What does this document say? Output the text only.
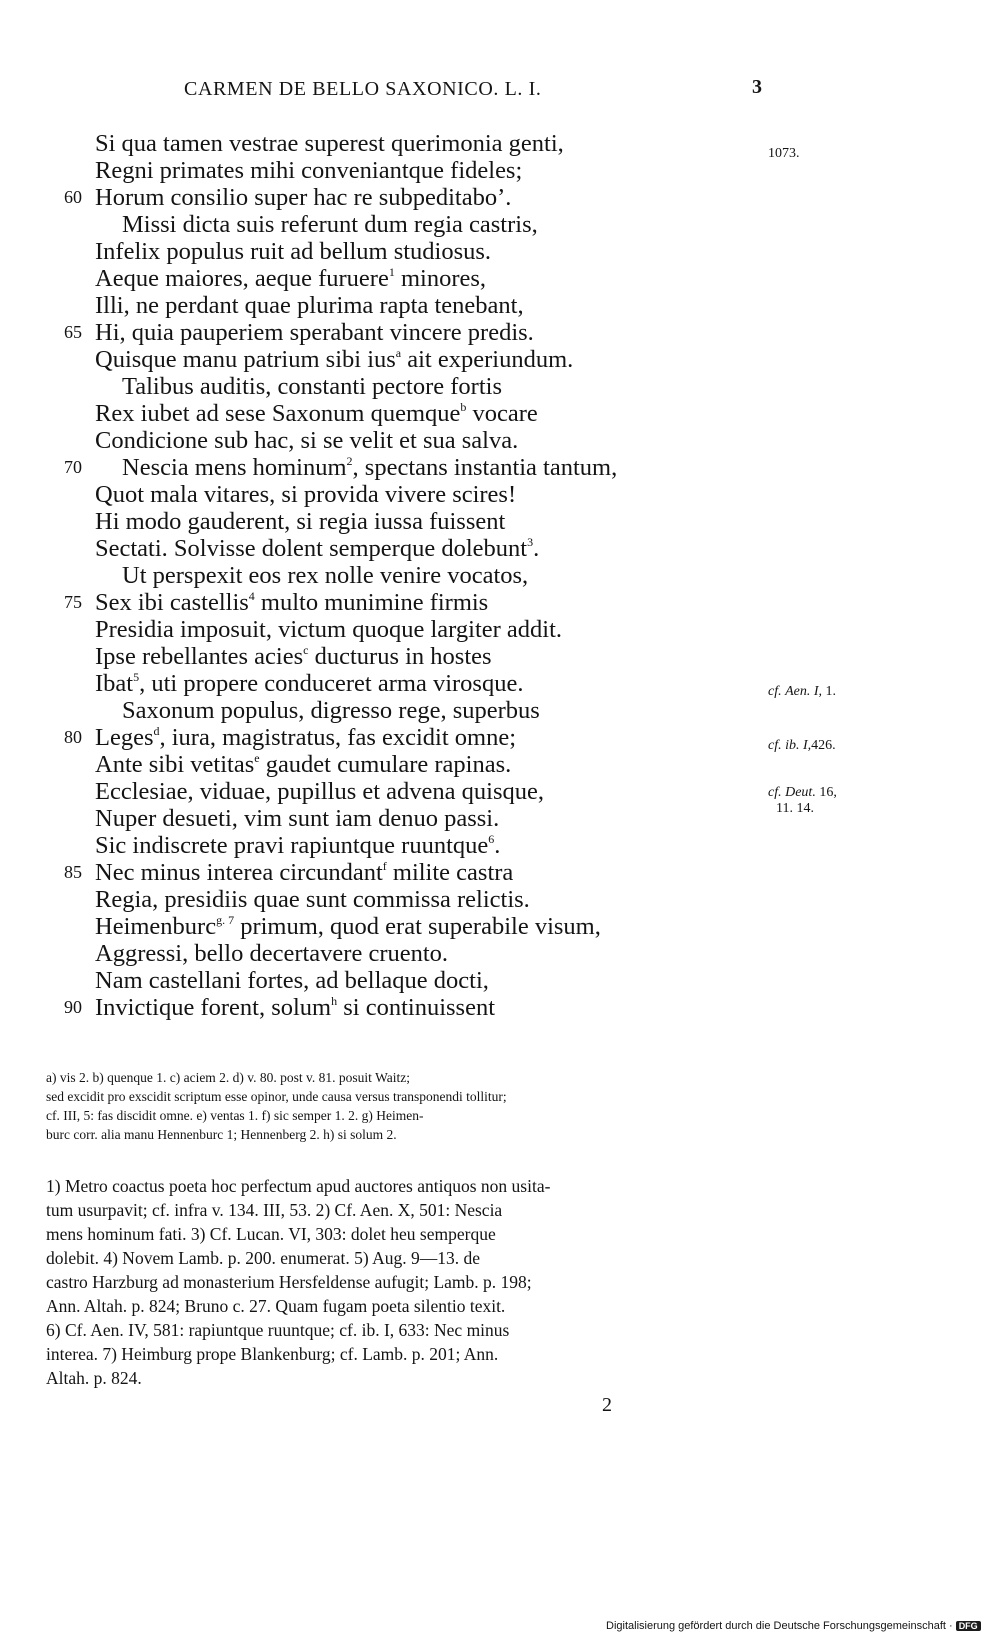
CARMEN DE BELLO SAXONICO. L. I.	3
Si qua tamen vestrae superest querimonia genti,
Regni primates mihi conveniantque fideles;
60 Horum consilio super hac re subpeditabo’.
Missi dicta suis referunt dum regia castris,
Infelix populus ruit ad bellum studiosus.
Aeque maiores, aeque furuere$^1$ minores,
Illi, ne perdant quae plurima rapta tenebant,
65 Hi, quia pauperiem sperabant vincere predis.
Quisque manu patrium sibi ius$^a$ ait experiundum.
Talibus auditis, constanti pectore fortis
Rex iubet ad sese Saxonum quemque$^b$ vocare
Condicione sub hac, si se velit et sua salva.
70 Nescia mens hominum$^2$, spectans instantia tantum,
Quot mala vitares, si provida vivere scires!
Hi modo gauderent, si regia iussa fuissent
Sectati. Solvisse dolent semperque dolebunt$^3$.
Ut perspexit eos rex nolle venire vocatos,
75 Sex ibi castellis$^4$ multo munimine firmis
Presidia imposuit, victum quoque largiter addit.
Ipse rebellantes acies$^c$ ducturus in hostes
Ibat$^5$, uti propere conduceret arma virosque.
Saxonum populus, digresso rege, superbus
80 Leges$^d$, iura, magistratus, fas excidit omne;
Ante sibi vetitas$^e$ gaudet cumulare rapinas.
Ecclesiae, viduae, pupillus et advena quisque,
Nuper desueti, vim sunt iam denuo passi.
Sic indiscrete pravi rapiuntque ruuntque$^6$.
85 Nec minus interea circundant$^f$ milite castra
Regia, presidiis quae sunt commissa relictis.
Heimenburc$^{g. 7}$ primum, quod erat superabile visum,
Aggressi, bello decertavere cruento.
Nam castellani fortes, ad bellaque docti,
90 Invictique forent, solum$^h$ si continuissent
1073.
cf. Aen. I, 1.
cf. ib. I,426.
cf. Deut. 16,
11. 14.
a) vis 2. b) quenque 1. c) aciem 2. d) v. 80. post v. 81. posuit Waitz;
sed excidit pro exscidit scriptum esse opinor, unde causa versus transponendi tollitur;
cf. III, 5: fas discidit omne. e) ventas 1. f) sic semper 1. 2. g) Heimen-
burc corr. alia manu Hennenburc 1; Hennenberg 2. h) si solum 2.
1) Metro coactus poeta hoc perfectum apud auctores antiquos non usita-
tum usurpavit; cf. infra v. 134. III, 53. 2) Cf. Aen. X, 501: Nescia
mens hominum fati. 3) Cf. Lucan. VI, 303: dolet heu semperque
dolebit. 4) Novem Lamb. p. 200. enumerat. 5) Aug. 9—13. de
castro Harzburg ad monasterium Hersfeldense aufugit; Lamb. p. 198;
Ann. Altah. p. 824; Bruno c. 27. Quam fugam poeta silentio texit.
6) Cf. Aen. IV, 581: rapiuntque ruuntque; cf. ib. I, 633: Nec minus
interea. 7) Heimburg prope Blankenburg; cf. Lamb. p. 201; Ann.
Altah. p. 824.
2
Digitalisierung gefördert durch die Deutsche Forschungsgemeinschaft · DFG
